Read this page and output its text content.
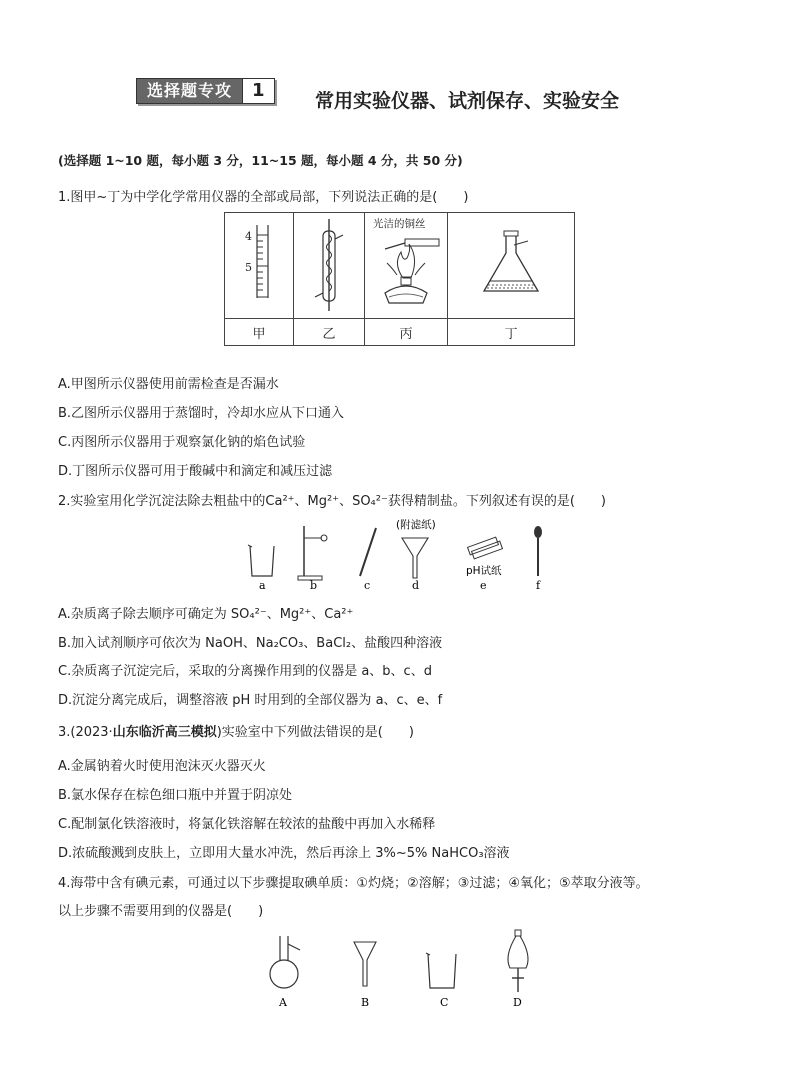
选择题专攻	1	常用实验仪器、试剂保存、实验安全
(选择题 1~10 题，每小题 3 分，11~15 题，每小题 4 分，共 50 分)
1.图甲~丁为中学化学常用仪器的全部或局部，下列说法正确的是(　　)
4
5		光洁的铜丝

甲	乙	丙	丁
A.甲图所示仪器使用前需检查是否漏水
B.乙图所示仪器用于蒸馏时，冷却水应从下口通入
C.丙图所示仪器用于观察氯化钠的焰色试验
D.丁图所示仪器可用于酸碱中和滴定和减压过滤
2.实验室用化学沉淀法除去粗盐中的Ca²⁺、Mg²⁺、SO₄²⁻获得精制盐。下列叙述有误的是(　　)
a	b	c
(附滤纸)
d
pH试纸
e	f
A.杂质离子除去顺序可确定为 SO₄²⁻、Mg²⁺、Ca²⁺
B.加入试剂顺序可依次为 NaOH、Na₂CO₃、BaCl₂、盐酸四种溶液
C.杂质离子沉淀完后，采取的分离操作用到的仪器是 a、b、c、d
D.沉淀分离完成后，调整溶液 pH 时用到的全部仪器为 a、c、e、f
3.(2023·山东临沂高三模拟)实验室中下列做法错误的是(　　)
A.金属钠着火时使用泡沫灭火器灭火
B.氯水保存在棕色细口瓶中并置于阴凉处
C.配制氯化铁溶液时，将氯化铁溶解在较浓的盐酸中再加入水稀释
D.浓硫酸溅到皮肤上，立即用大量水冲洗，然后再涂上 3%~5% NaHCO₃溶液
4.海带中含有碘元素，可通过以下步骤提取碘单质：①灼烧；②溶解；③过滤；④氧化；⑤萃取分液等。
以上步骤不需要用到的仪器是(　　)
A	B	C	D
